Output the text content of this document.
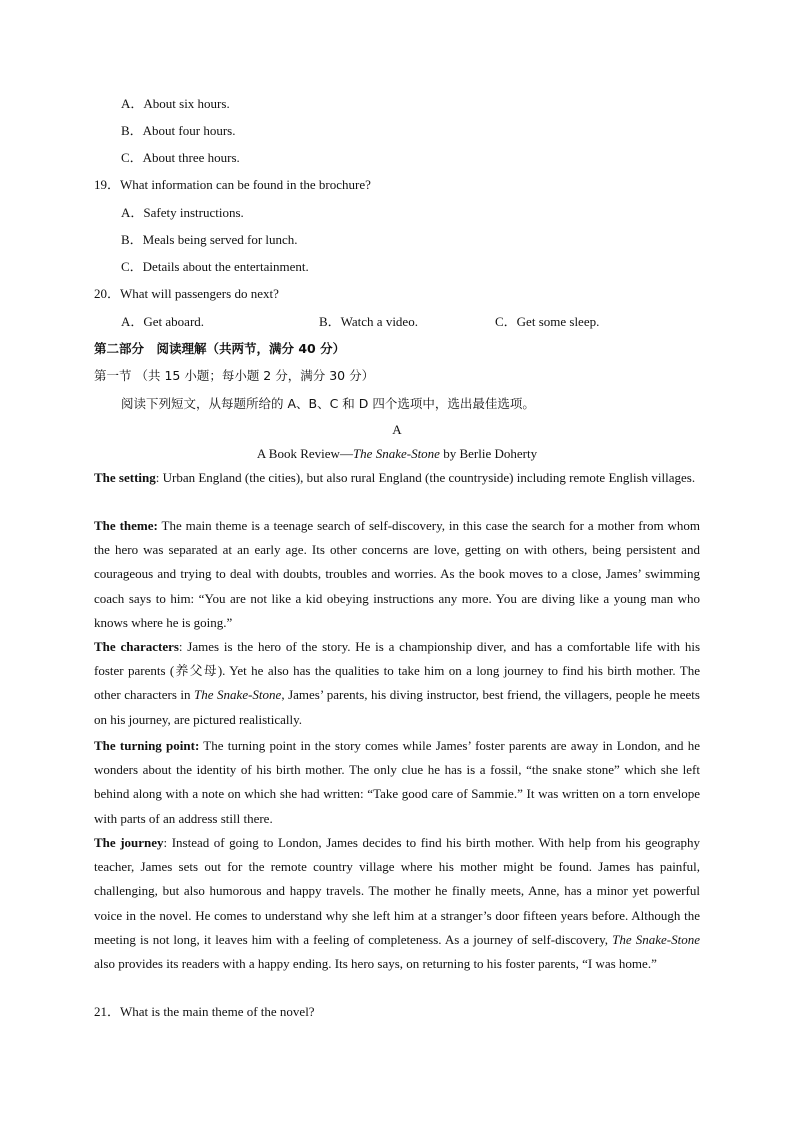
A．About six hours.
B．About four hours.
C．About three hours.
19．What information can be found in the brochure?
A．Safety instructions.
B．Meals being served for lunch.
C．Details about the entertainment.
20．What will passengers do next?
A．Get aboard.	B．Watch a video.	C．Get some sleep.
第二部分　阅读理解（共两节，满分 40 分）
第一节 （共 15 小题；每小题 2 分，满分 30 分）
阅读下列短文，从每题所给的 A、B、C 和 D 四个选项中，选出最佳选项。
A
A Book Review—The Snake-Stone by Berlie Doherty
The setting: Urban England (the cities), but also rural England (the countryside) including remote English villages.
The theme: The main theme is a teenage search of self-discovery, in this case the search for a mother from whom the hero was separated at an early age. Its other concerns are love, getting on with others, being persistent and courageous and trying to deal with doubts, troubles and worries. As the book moves to a close, James’ swimming coach says to him: “You are not like a kid obeying instructions any more. You are diving like a young man who knows where he is going.”
The characters: James is the hero of the story. He is a championship diver, and has a comfortable life with his foster parents (养父母). Yet he also has the qualities to take him on a long journey to find his birth mother. The other characters in The Snake-Stone, James’ parents, his diving instructor, best friend, the villagers, people he meets on his journey, are pictured realistically.
The turning point: The turning point in the story comes while James’ foster parents are away in London, and he wonders about the identity of his birth mother. The only clue he has is a fossil, “the snake stone” which she left behind along with a note on which she had written: “Take good care of Sammie.” It was written on a torn envelope with parts of an address still there.
The journey: Instead of going to London, James decides to find his birth mother. With help from his geography teacher, James sets out for the remote country village where his mother might be found. James has painful, challenging, but also humorous and happy travels. The mother he finally meets, Anne, has a minor yet powerful voice in the novel. He comes to understand why she left him at a stranger’s door fifteen years before. Although the meeting is not long, it leaves him with a feeling of completeness. As a journey of self-discovery, The Snake-Stone also provides its readers with a happy ending. Its hero says, on returning to his foster parents, “I was home.”
21．What is the main theme of the novel?
